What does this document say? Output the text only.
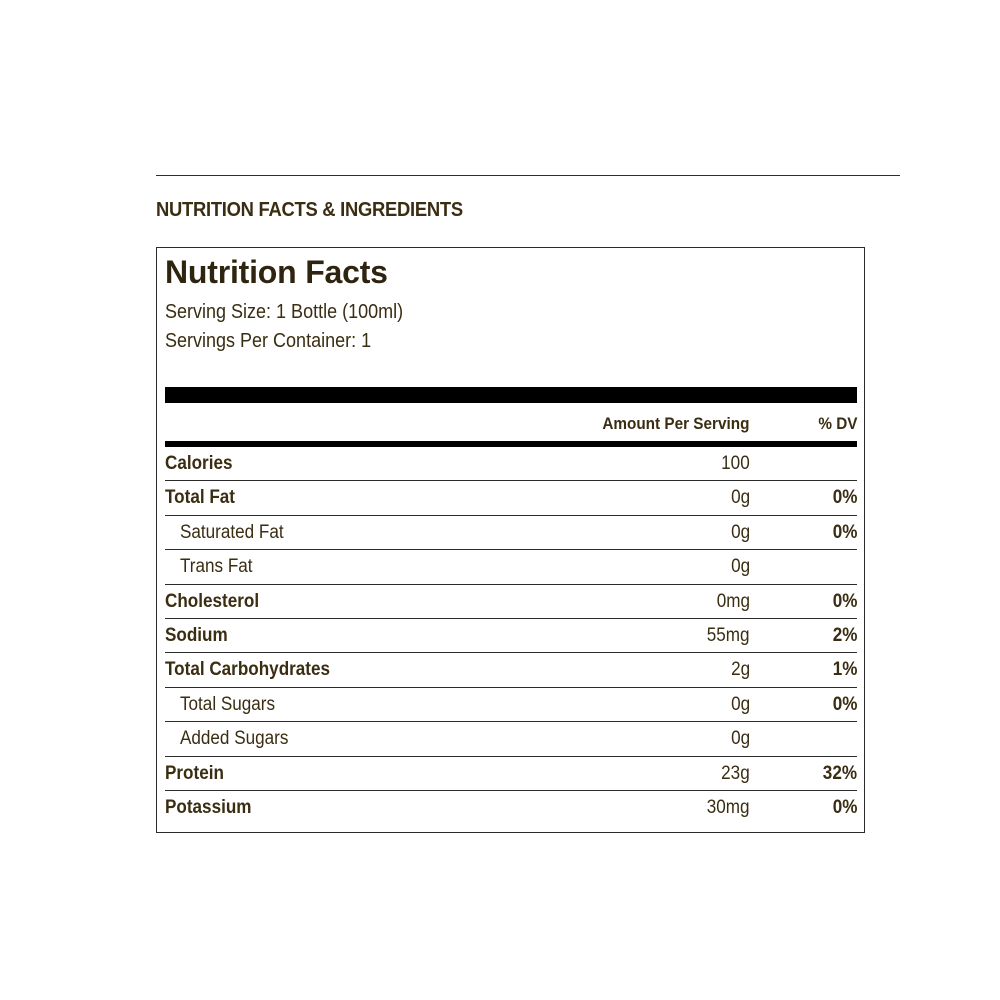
NUTRITION FACTS & INGREDIENTS
Nutrition Facts
Serving Size: 1 Bottle (100ml)
Servings Per Container: 1
Amount Per Serving	% DV
Calories	100
Total Fat	0g	0%
Saturated Fat	0g	0%
Trans Fat	0g
Cholesterol	0mg	0%
Sodium	55mg	2%
Total Carbohydrates	2g	1%
Total Sugars	0g	0%
Added Sugars	0g
Protein	23g	32%
Potassium	30mg	0%
